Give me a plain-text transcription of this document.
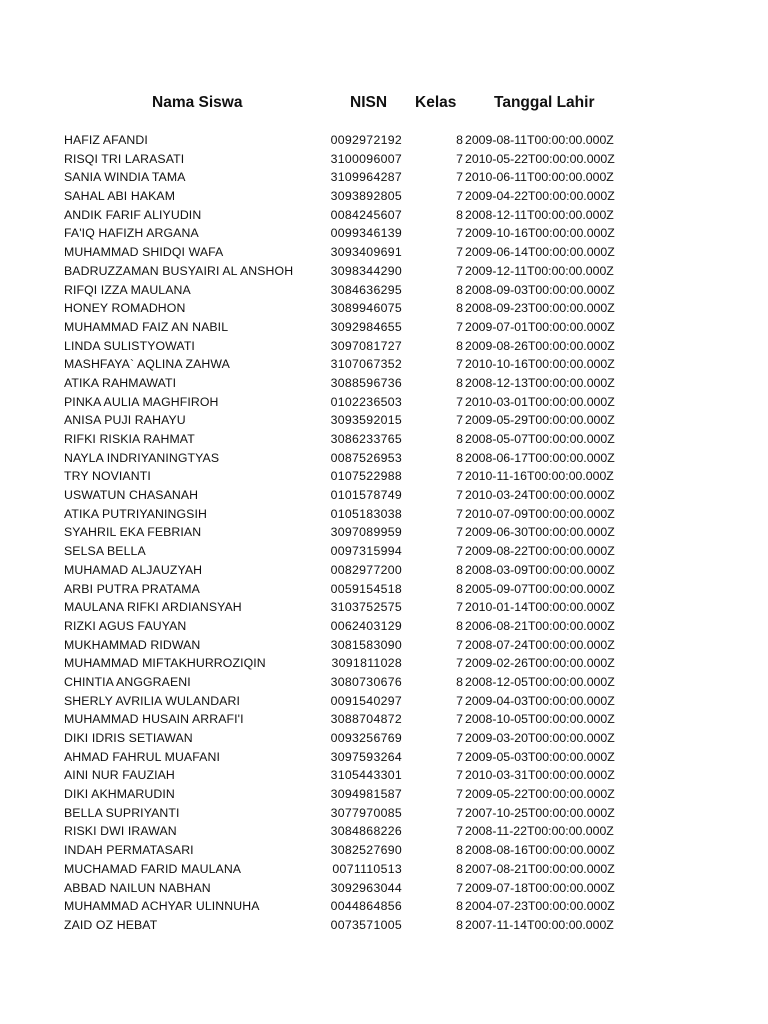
Nama Siswa	NISN Kelas Tanggal Lahir
HAFIZ AFANDI	0092972192	8 2009-08-11T00:00:00.000Z
RISQI TRI LARASATI	3100096007	7 2010-05-22T00:00:00.000Z
SANIA WINDIA TAMA	3109964287	7 2010-06-11T00:00:00.000Z
SAHAL ABI HAKAM	3093892805	7 2009-04-22T00:00:00.000Z
ANDIK FARIF ALIYUDIN	0084245607	8 2008-12-11T00:00:00.000Z
FA'IQ HAFIZH ARGANA	0099346139	7 2009-10-16T00:00:00.000Z
MUHAMMAD SHIDQI WAFA	3093409691	7 2009-06-14T00:00:00.000Z
BADRUZZAMAN BUSYAIRI AL ANSHOH	3098344290	7 2009-12-11T00:00:00.000Z
RIFQI IZZA MAULANA	3084636295	8 2008-09-03T00:00:00.000Z
HONEY ROMADHON	3089946075	8 2008-09-23T00:00:00.000Z
MUHAMMAD FAIZ AN NABIL	3092984655	7 2009-07-01T00:00:00.000Z
LINDA SULISTYOWATI	3097081727	8 2009-08-26T00:00:00.000Z
MASHFAYA` AQLINA ZAHWA	3107067352	7 2010-10-16T00:00:00.000Z
ATIKA RAHMAWATI	3088596736	8 2008-12-13T00:00:00.000Z
PINKA AULIA MAGHFIROH	0102236503	7 2010-03-01T00:00:00.000Z
ANISA PUJI RAHAYU	3093592015	7 2009-05-29T00:00:00.000Z
RIFKI RISKIA RAHMAT	3086233765	8 2008-05-07T00:00:00.000Z
NAYLA INDRIYANINGTYAS	0087526953	8 2008-06-17T00:00:00.000Z
TRY NOVIANTI	0107522988	7 2010-11-16T00:00:00.000Z
USWATUN CHASANAH	0101578749	7 2010-03-24T00:00:00.000Z
ATIKA PUTRIYANINGSIH	0105183038	7 2010-07-09T00:00:00.000Z
SYAHRIL EKA FEBRIAN	3097089959	7 2009-06-30T00:00:00.000Z
SELSA BELLA	0097315994	7 2009-08-22T00:00:00.000Z
MUHAMAD ALJAUZYAH	0082977200	8 2008-03-09T00:00:00.000Z
ARBI PUTRA PRATAMA	0059154518	8 2005-09-07T00:00:00.000Z
MAULANA RIFKI ARDIANSYAH	3103752575	7 2010-01-14T00:00:00.000Z
RIZKI AGUS FAUYAN	0062403129	8 2006-08-21T00:00:00.000Z
MUKHAMMAD RIDWAN	3081583090	7 2008-07-24T00:00:00.000Z
MUHAMMAD MIFTAKHURROZIQIN	3091811028	7 2009-02-26T00:00:00.000Z
CHINTIA ANGGRAENI	3080730676	8 2008-12-05T00:00:00.000Z
SHERLY AVRILIA WULANDARI	0091540297	7 2009-04-03T00:00:00.000Z
MUHAMMAD HUSAIN ARRAFI'I	3088704872	7 2008-10-05T00:00:00.000Z
DIKI IDRIS SETIAWAN	0093256769	7 2009-03-20T00:00:00.000Z
AHMAD FAHRUL MUAFANI	3097593264	7 2009-05-03T00:00:00.000Z
AINI NUR FAUZIAH	3105443301	7 2010-03-31T00:00:00.000Z
DIKI AKHMARUDIN	3094981587	7 2009-05-22T00:00:00.000Z
BELLA SUPRIYANTI	3077970085	7 2007-10-25T00:00:00.000Z
RISKI DWI IRAWAN	3084868226	7 2008-11-22T00:00:00.000Z
INDAH PERMATASARI	3082527690	8 2008-08-16T00:00:00.000Z
MUCHAMAD FARID MAULANA	0071110513	8 2007-08-21T00:00:00.000Z
ABBAD NAILUN NABHAN	3092963044	7 2009-07-18T00:00:00.000Z
MUHAMMAD ACHYAR ULINNUHA	0044864856	8 2004-07-23T00:00:00.000Z
ZAID OZ HEBAT	0073571005	8 2007-11-14T00:00:00.000Z
